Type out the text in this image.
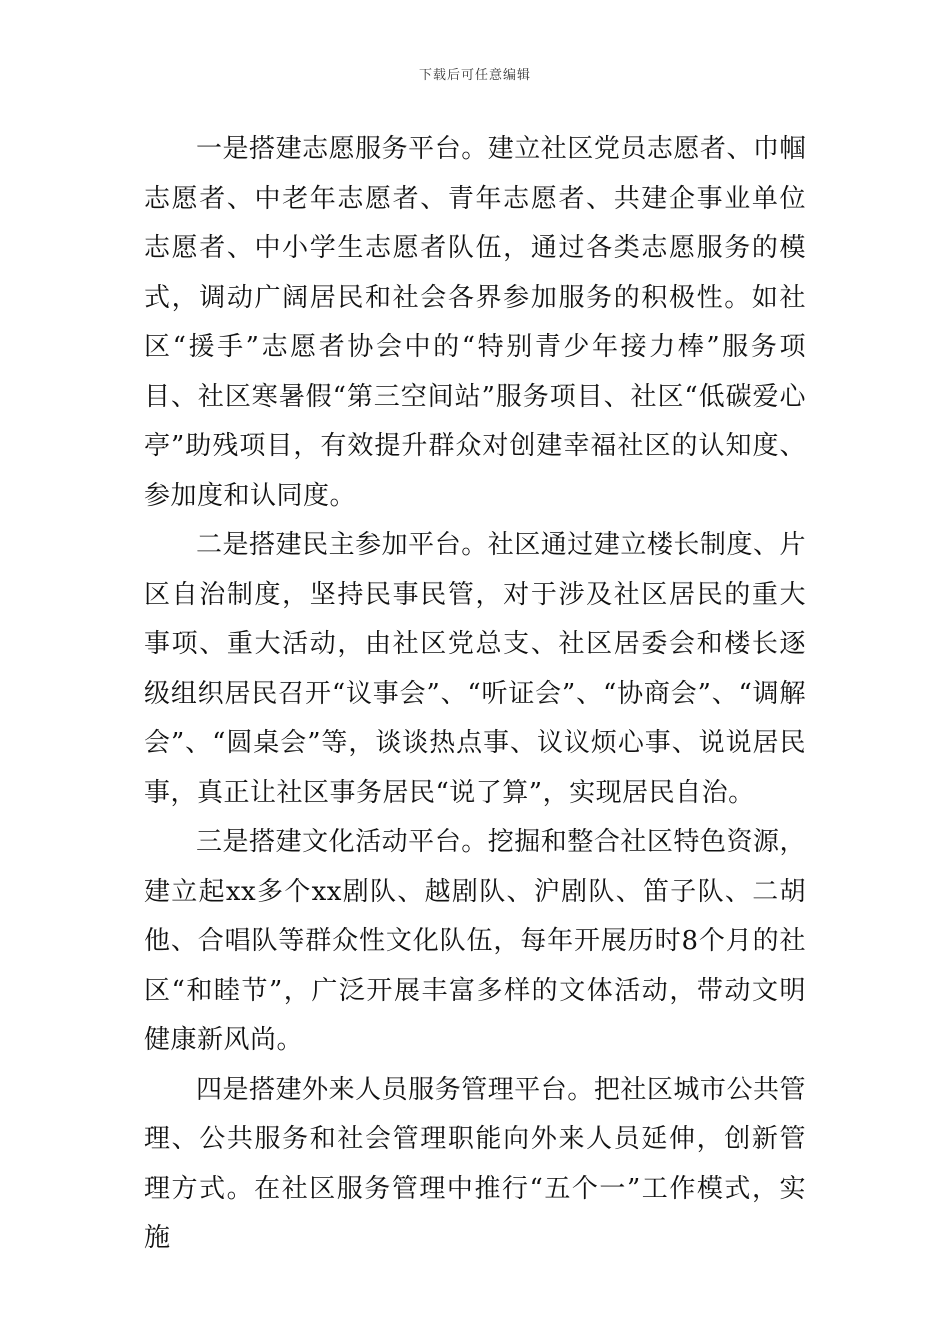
下载后可任意编辑

一是搭建志愿服务平台。建立社区党员志愿者、巾帼志愿者、中老年志愿者、青年志愿者、共建企事业单位志愿者、中小学生志愿者队伍，通过各类志愿服务的模式，调动广阔居民和社会各界参加服务的积极性。如社区“援手”志愿者协会中的“特别青少年接力棒”服务项目、社区寒暑假“第三空间站”服务项目、社区“低碳爱心亭”助残项目，有效提升群众对创建幸福社区的认知度、参加度和认同度。

二是搭建民主参加平台。社区通过建立楼长制度、片区自治制度，坚持民事民管，对于涉及社区居民的重大事项、重大活动，由社区党总支、社区居委会和楼长逐级组织居民召开“议事会”、“听证会”、“协商会”、“调解会”、“圆桌会”等，谈谈热点事、议议烦心事、说说居民事，真正让社区事务居民“说了算”，实现居民自治。

三是搭建文化活动平台。挖掘和整合社区特色资源，建立起xx多个xx剧队、越剧队、沪剧队、笛子队、二胡他、合唱队等群众性文化队伍，每年开展历时8个月的社区“和睦节”，广泛开展丰富多样的文体活动，带动文明健康新风尚。

四是搭建外来人员服务管理平台。把社区城市公共管理、公共服务和社会管理职能向外来人员延伸，创新管理方式。在社区服务管理中推行“五个一”工作模式，实施
